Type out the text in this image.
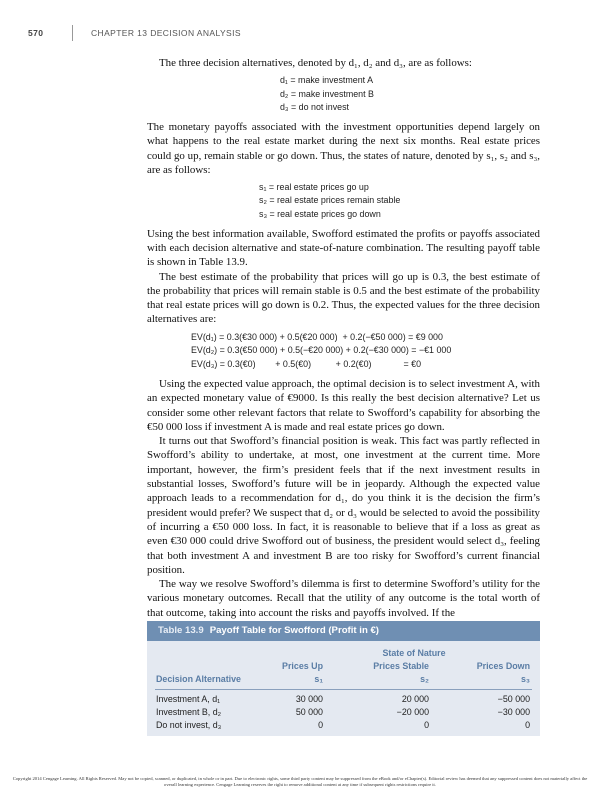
570	CHAPTER 13 DECISION ANALYSIS

The three decision alternatives, denoted by d₁, d₂ and d₃, are as follows:

d₁ = make investment A
d₂ = make investment B
d₃ = do not invest

The monetary payoffs associated with the investment opportunities depend largely on what happens to the real estate market during the next six months. Real estate prices could go up, remain stable or go down. Thus, the states of nature, denoted by s₁, s₂ and s₃, are as follows:

s₁ = real estate prices go up
s₂ = real estate prices remain stable
s₃ = real estate prices go down

Using the best information available, Swofford estimated the profits or payoffs associated with each decision alternative and state-of-nature combination. The resulting payoff table is shown in Table 13.9.

The best estimate of the probability that prices will go up is 0.3, the best estimate of the probability that prices will remain stable is 0.5 and the best estimate of the probability that real estate prices will go down is 0.2. Thus, the expected values for the three decision alternatives are:

EV(d₁) = 0.3(€30 000) + 0.5(€20 000)  + 0.2(−€50 000) = €9 000
EV(d₂) = 0.3(€50 000) + 0.5(−€20 000) + 0.2(−€30 000) = −€1 000
EV(d₃) = 0.3(€0)        + 0.5(€0)          + 0.2(€0)             = €0

Using the expected value approach, the optimal decision is to select investment A, with an expected monetary value of €9000. Is this really the best decision alternative? Let us consider some other relevant factors that relate to Swofford’s capability for absorbing the €50 000 loss if investment A is made and real estate prices go down.

It turns out that Swofford’s financial position is weak. This fact was partly reflected in Swofford’s ability to undertake, at most, one investment at the current time. More important, however, the firm’s president feels that if the next investment results in substantial losses, Swofford’s future will be in jeopardy. Although the expected value approach leads to a recommendation for d₁, do you think it is the decision the firm’s president would prefer? We suspect that d₂ or d₃ would be selected to avoid the possibility of incurring a €50 000 loss. In fact, it is reasonable to believe that if a loss as great as even €30 000 could drive Swofford out of business, the president would select d₃, feeling that both investment A and investment B are too risky for Swofford’s current financial position.

The way we resolve Swofford’s dilemma is first to determine Swofford’s utility for the various monetary outcomes. Recall that the utility of any outcome is the total worth of that outcome, taking into account the risks and payoffs involved. If the

Table 13.9 Payoff Table for Swofford (Profit in €)
State of Nature
Prices Up	Prices Stable	Prices Down
Decision Alternative	s₁	s₂	s₃
Investment A, d₁	30 000	20 000	−50 000
Investment B, d₂	50 000	−20 000	−30 000
Do not invest, d₃	0	0	0
Copyright 2014 Cengage Learning. All Rights Reserved. May not be copied, scanned, or duplicated, in whole or in part. Due to electronic rights, some third party content may be suppressed from the eBook and/or eChapter(s). Editorial review has deemed that any suppressed content does not materially affect the overall learning experience. Cengage Learning reserves the right to remove additional content at any time if subsequent rights restrictions require it.
